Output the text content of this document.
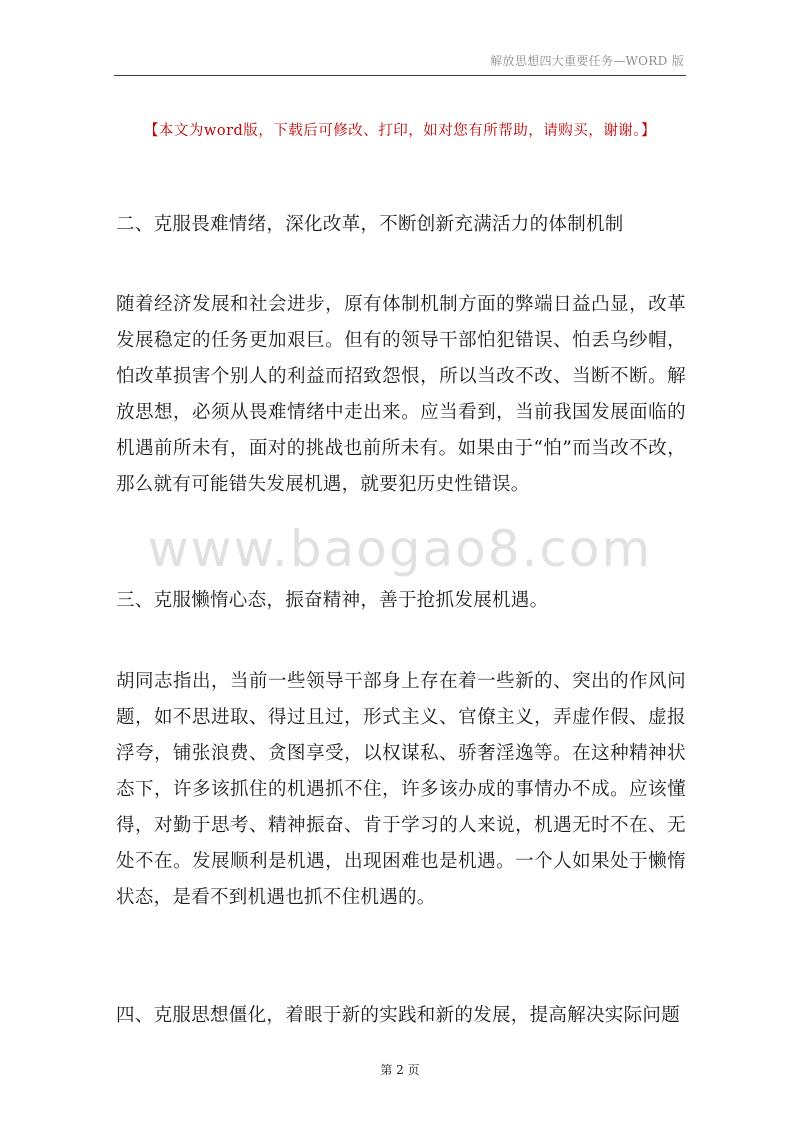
解放思想四大重要任务—WORD 版
【本文为word版，下载后可修改、打印，如对您有所帮助，请购买，谢谢。】
二、克服畏难情绪，深化改革，不断创新充满活力的体制机制
随着经济发展和社会进步，原有体制机制方面的弊端日益凸显，改革发展稳定的任务更加艰巨。但有的领导干部怕犯错误、怕丢乌纱帽，怕改革损害个别人的利益而招致怨恨，所以当改不改、当断不断。解放思想，必须从畏难情绪中走出来。应当看到，当前我国发展面临的机遇前所未有，面对的挑战也前所未有。如果由于“怕”而当改不改，那么就有可能错失发展机遇，就要犯历史性错误。
www.baogao8.com
三、克服懒惰心态，振奋精神，善于抢抓发展机遇。
胡同志指出，当前一些领导干部身上存在着一些新的、突出的作风问题，如不思进取、得过且过，形式主义、官僚主义，弄虚作假、虚报浮夸，铺张浪费、贪图享受，以权谋私、骄奢淫逸等。在这种精神状态下，许多该抓住的机遇抓不住，许多该办成的事情办不成。应该懂得，对勤于思考、精神振奋、肯于学习的人来说，机遇无时不在、无处不在。发展顺利是机遇，出现困难也是机遇。一个人如果处于懒惰状态，是看不到机遇也抓不住机遇的。
四、克服思想僵化，着眼于新的实践和新的发展，提高解决实际问题
第 2 页
